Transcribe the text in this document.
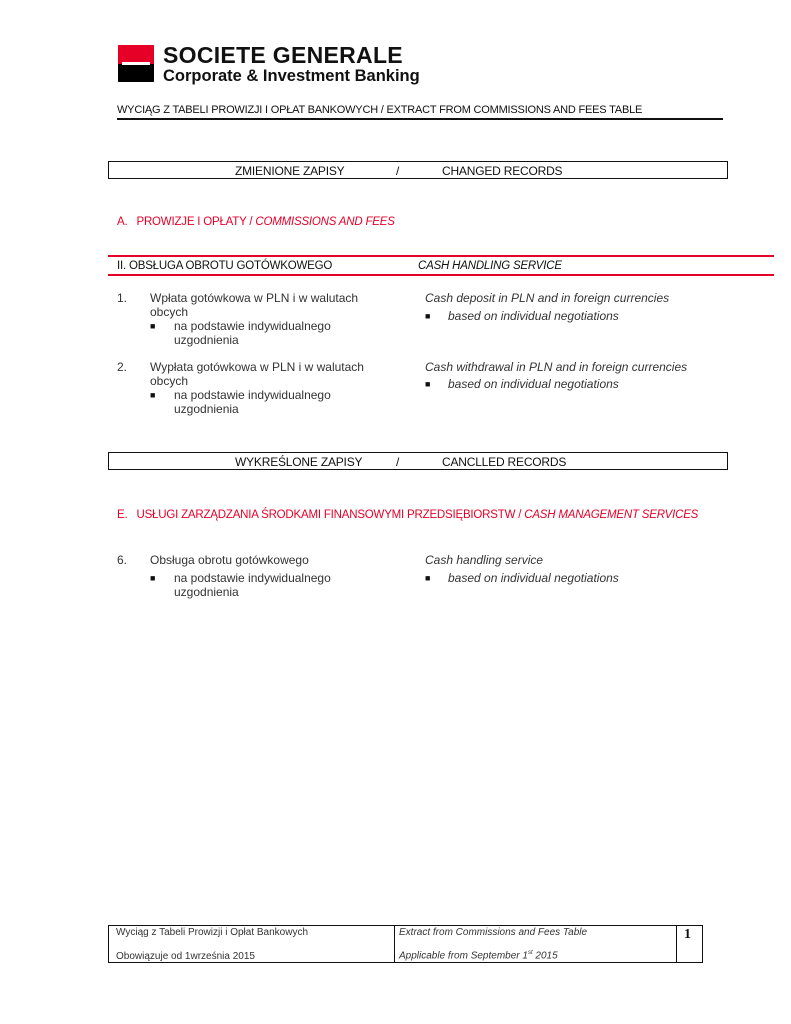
SOCIETE GENERALE
Corporate & Investment Banking
WYCIĄG Z TABELI PROWIZJI I OPŁAT BANKOWYCH / EXTRACT FROM COMMISSIONS AND FEES TABLE
ZMIENIONE ZAPISY	/	CHANGED RECORDS
A. PROWIZJE I OPŁATY / COMMISSIONS AND FEES
II. OBSŁUGA OBROTU GOTÓWKOWEGO	CASH HANDLING SERVICE
1. Wpłata gotówkowa w PLN i w walutach obcych
■ na podstawie indywidualnego uzgodnienia
Cash deposit in PLN and in foreign currencies
■ based on individual negotiations
2. Wypłata gotówkowa w PLN i w walutach obcych
■ na podstawie indywidualnego uzgodnienia
Cash withdrawal in PLN and in foreign currencies
■ based on individual negotiations
WYKREŚLONE ZAPISY	/	CANCLLED RECORDS
E. USŁUGI ZARZĄDZANIA ŚRODKAMI FINANSOWYMI PRZEDSIĘBIORSTW / CASH MANAGEMENT SERVICES
6. Obsługa obrotu gotówkowego
■ na podstawie indywidualnego uzgodnienia
Cash handling service
■ based on individual negotiations
Wyciąg z Tabeli Prowizji i Opłat Bankowych
Obowiązuje od 1września 2015
Extract from Commissions and Fees Table
Applicable from September 1st 2015
1
